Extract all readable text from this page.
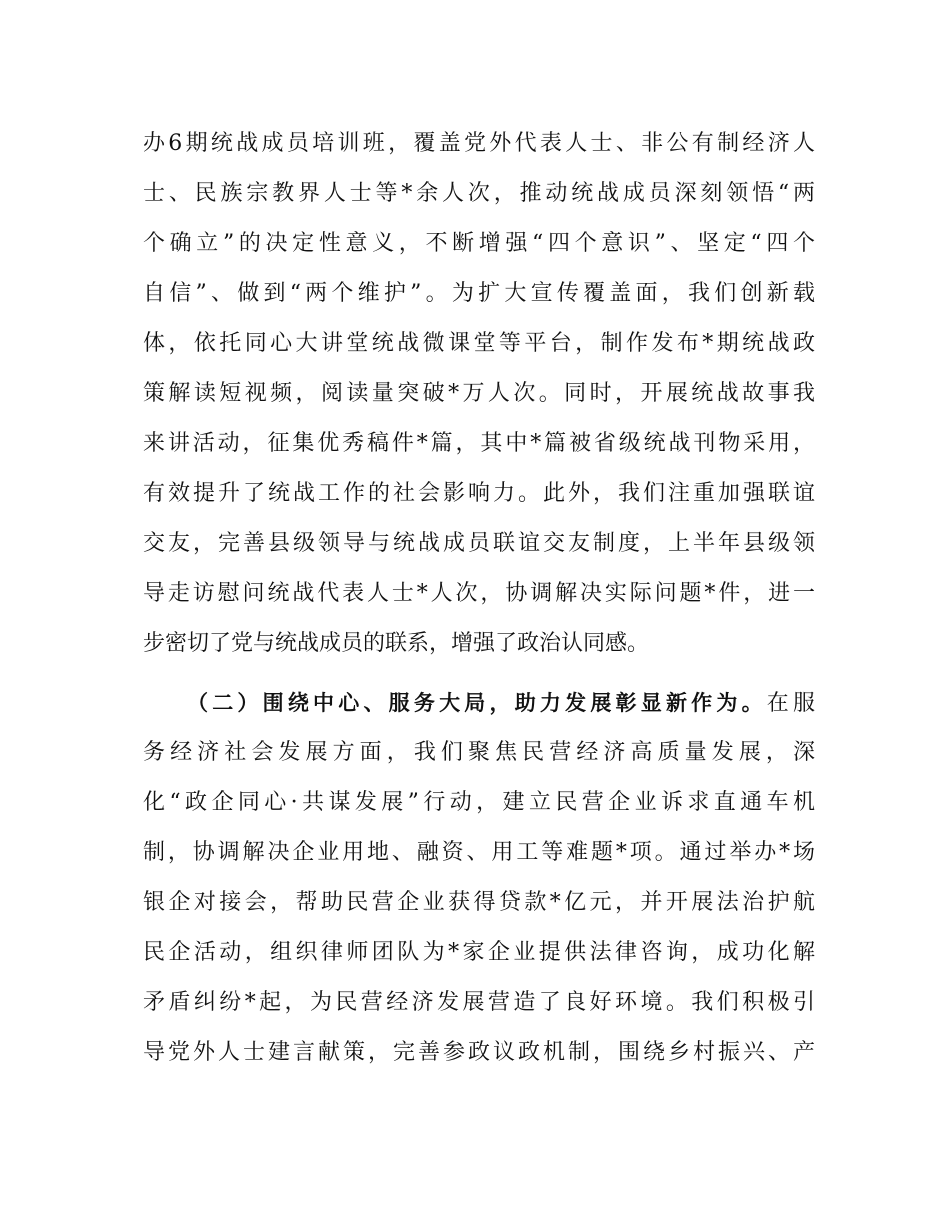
办6期统战成员培训班，覆盖党外代表人士、非公有制经济人
士、民族宗教界人士等*余人次，推动统战成员深刻领悟“两
个确立”的决定性意义，不断增强“四个意识”、坚定“四个
自信”、做到“两个维护”。为扩大宣传覆盖面，我们创新载
体，依托同心大讲堂统战微课堂等平台，制作发布*期统战政
策解读短视频，阅读量突破*万人次。同时，开展统战故事我
来讲活动，征集优秀稿件*篇，其中*篇被省级统战刊物采用，
有效提升了统战工作的社会影响力。此外，我们注重加强联谊
交友，完善县级领导与统战成员联谊交友制度，上半年县级领
导走访慰问统战代表人士*人次，协调解决实际问题*件，进一
步密切了党与统战成员的联系，增强了政治认同感。
（二）围绕中心、服务大局，助力发展彰显新作为。在服
务经济社会发展方面，我们聚焦民营经济高质量发展，深
化“政企同心·共谋发展”行动，建立民营企业诉求直通车机
制，协调解决企业用地、融资、用工等难题*项。通过举办*场
银企对接会，帮助民营企业获得贷款*亿元，并开展法治护航
民企活动，组织律师团队为*家企业提供法律咨询，成功化解
矛盾纠纷*起，为民营经济发展营造了良好环境。我们积极引
导党外人士建言献策，完善参政议政机制，围绕乡村振兴、产
